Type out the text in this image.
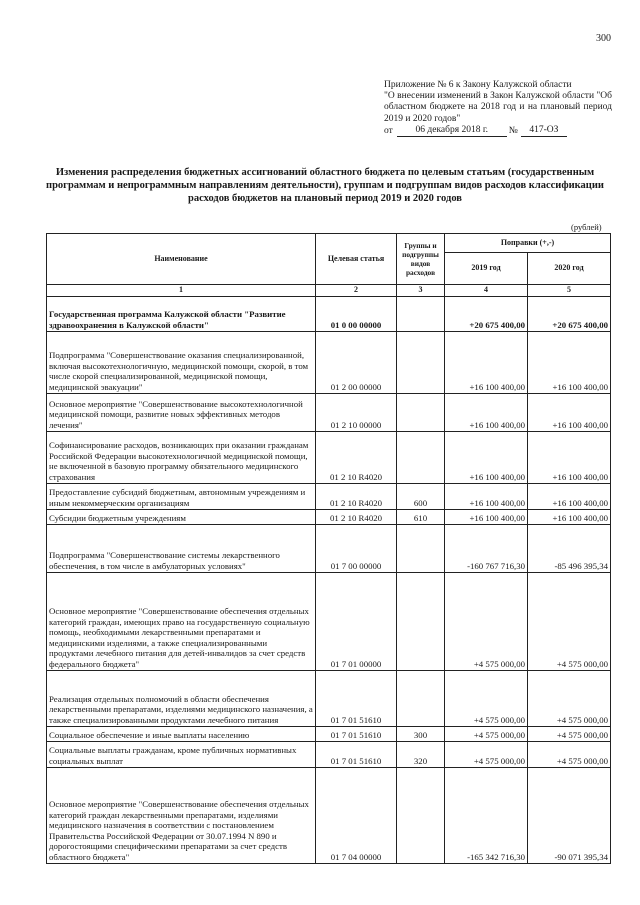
300
Приложение № 6 к Закону Калужской области
"О внесении изменений в Закон Калужской области "Об областном бюджете на 2018 год и на плановый период 2019 и 2020 годов"
от	06 декабря 2018 г.	№	417-ОЗ
Изменения распределения бюджетных ассигнований областного бюджета по целевым статьям (государственным программам и непрограммным направлениям деятельности), группам и подгруппам видов расходов классификации расходов бюджетов на плановый период 2019 и 2020 годов
(рублей)
Наименование	Целевая статья	Группы и подгруппы видов расходов	Поправки (+,-)	
			2019 год	2020 год
1	2	3	4	5
Государственная программа Калужской области "Развитие здравоохранения в Калужской области"	01 0 00 00000		+20 675 400,00	+20 675 400,00
Подпрограмма "Совершенствование оказания специализированной, включая высокотехнологичную, медицинской помощи, скорой, в том числе скорой специализированной, медицинской помощи, медицинской эвакуации"	01 2 00 00000		+16 100 400,00	+16 100 400,00
Основное мероприятие "Совершенствование высокотехнологичной медицинской помощи, развитие новых эффективных методов лечения"	01 2 10 00000		+16 100 400,00	+16 100 400,00
Софинансирование расходов, возникающих при оказании гражданам Российской Федерации высокотехнологичной медицинской помощи, не включенной в базовую программу обязательного медицинского страхования	01 2 10 R4020		+16 100 400,00	+16 100 400,00
Предоставление субсидий бюджетным, автономным учреждениям и иным некоммерческим организациям	01 2 10 R4020	600	+16 100 400,00	+16 100 400,00
Субсидии бюджетным учреждениям	01 2 10 R4020	610	+16 100 400,00	+16 100 400,00
Подпрограмма "Совершенствование системы лекарственного обеспечения, в том числе в амбулаторных условиях"	01 7 00 00000		-160 767 716,30	-85 496 395,34
Основное мероприятие "Совершенствование обеспечения отдельных категорий граждан, имеющих право на государственную социальную помощь, необходимыми лекарственными препаратами и медицинскими изделиями, а также специализированными продуктами лечебного питания для детей-инвалидов за счет средств федерального бюджета"	01 7 01 00000		+4 575 000,00	+4 575 000,00
Реализация отдельных полномочий в области обеспечения лекарственными препаратами, изделиями медицинского назначения, а также специализированными продуктами лечебного питания	01 7 01 51610		+4 575 000,00	+4 575 000,00
Социальное обеспечение и иные выплаты населению	01 7 01 51610	300	+4 575 000,00	+4 575 000,00
Социальные выплаты гражданам, кроме публичных нормативных социальных выплат	01 7 01 51610	320	+4 575 000,00	+4 575 000,00
Основное мероприятие "Совершенствование обеспечения отдельных категорий граждан лекарственными препаратами, изделиями медицинского назначения в соответствии с постановлением Правительства Российской Федерации от 30.07.1994 N 890 и дорогостоящими специфическими препаратами за счет средств областного бюджета"	01 7 04 00000		-165 342 716,30	-90 071 395,34
